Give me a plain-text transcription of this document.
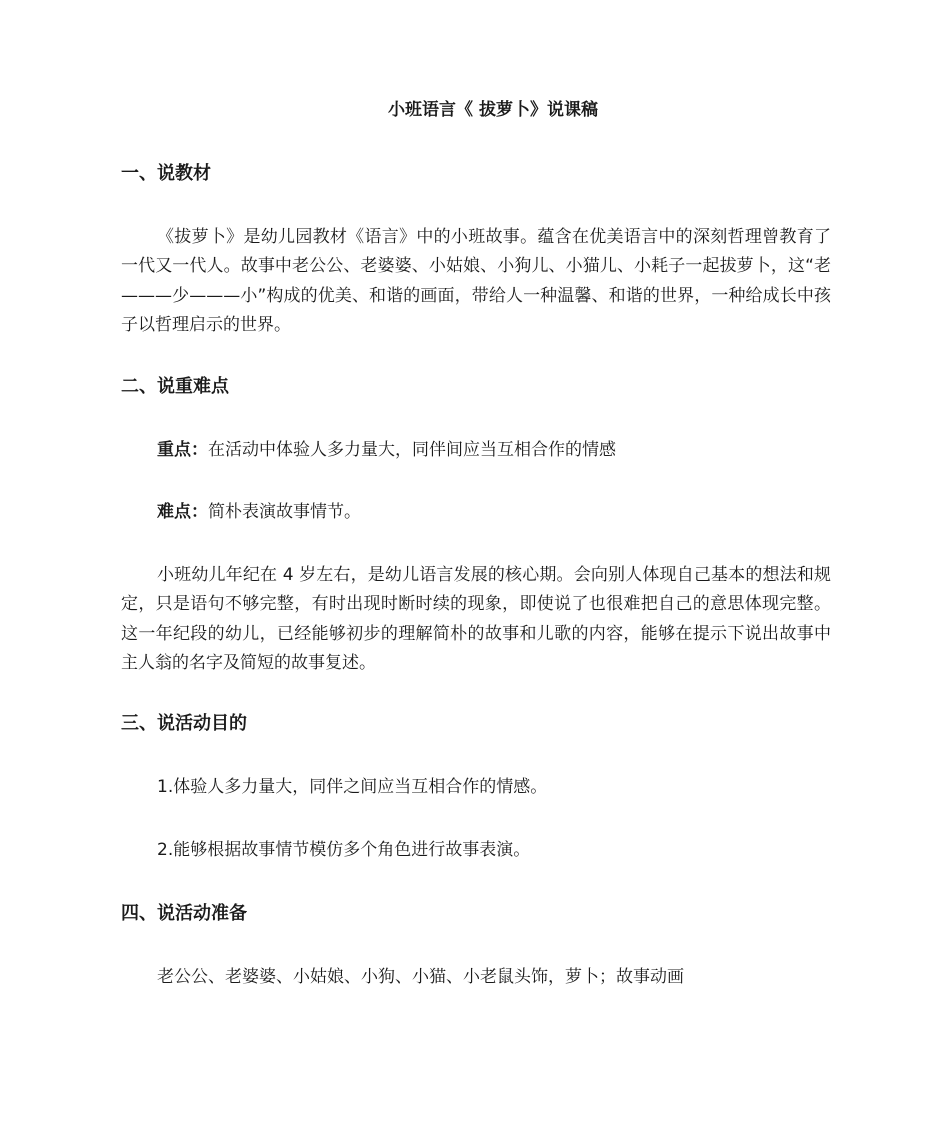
小班语言《 拔萝卜》说课稿
一、说教材

《拔萝卜》是幼儿园教材《语言》中的小班故事。蕴含在优美语言中的深刻哲理曾教育了一代又一代人。故事中老公公、老婆婆、小姑娘、小狗儿、小猫儿、小耗子一起拔萝卜，这“老———少———小”构成的优美、和谐的画面，带给人一种温馨、和谐的世界，一种给成长中孩子以哲理启示的世界。

二、说重难点

重点：在活动中体验人多力量大，同伴间应当互相合作的情感

难点：简朴表演故事情节。

小班幼儿年纪在 4 岁左右，是幼儿语言发展的核心期。会向别人体现自己基本的想法和规定，只是语句不够完整，有时出现时断时续的现象，即使说了也很难把自己的意思体现完整。这一年纪段的幼儿，已经能够初步的理解简朴的故事和儿歌的内容，能够在提示下说出故事中主人翁的名字及简短的故事复述。

三、说活动目的

1.体验人多力量大，同伴之间应当互相合作的情感。

2.能够根据故事情节模仿多个角色进行故事表演。

四、说活动准备

老公公、老婆婆、小姑娘、小狗、小猫、小老鼠头饰，萝卜；故事动画
